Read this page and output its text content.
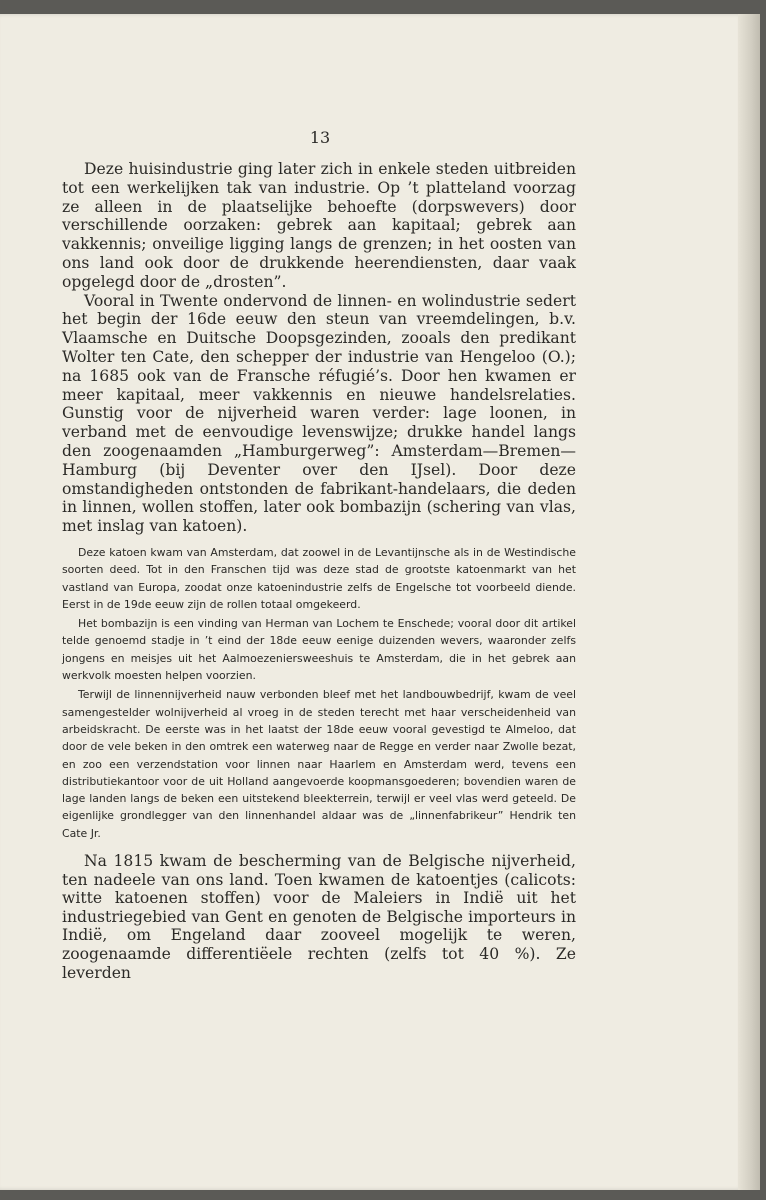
13

Deze huisindustrie ging later zich in enkele steden uitbreiden tot een werkelijken tak van industrie. Op ’t platteland voorzag ze alleen in de plaatselijke behoefte (dorpswevers) door verschillende oorzaken: gebrek aan kapitaal; gebrek aan vakkennis; onveilige ligging langs de grenzen; in het oosten van ons land ook door de drukkende heerendiensten, daar vaak opgelegd door de „drosten”.

Vooral in Twente ondervond de linnen- en wolindustrie sedert het begin der 16de eeuw den steun van vreemdelingen, b.v. Vlaamsche en Duitsche Doopsgezinden, zooals den predikant Wolter ten Cate, den schepper der industrie van Hengeloo (O.); na 1685 ook van de Fransche réfugié’s. Door hen kwamen er meer kapitaal, meer vakkennis en nieuwe handelsrelaties. Gunstig voor de nijverheid waren verder: lage loonen, in verband met de eenvoudige levenswijze; drukke handel langs den zoogenaamden „Hamburgerweg”: Amsterdam—Bremen—Hamburg (bij Deventer over den IJsel). Door deze omstandigheden ontstonden de fabrikant-handelaars, die deden in linnen, wollen stoffen, later ook bombazijn (schering van vlas, met inslag van katoen).

Deze katoen kwam van Amsterdam, dat zoowel in de Levantijnsche als in de Westindische soorten deed. Tot in den Franschen tijd was deze stad de grootste katoenmarkt van het vastland van Europa, zoodat onze katoenindustrie zelfs de Engelsche tot voorbeeld diende. Eerst in de 19de eeuw zijn de rollen totaal omgekeerd.

Het bombazijn is een vinding van Herman van Lochem te Enschede; vooral door dit artikel telde genoemd stadje in ’t eind der 18de eeuw eenige duizenden wevers, waaronder zelfs jongens en meisjes uit het Aalmoezeniersweeshuis te Amsterdam, die in het gebrek aan werkvolk moesten helpen voorzien.

Terwijl de linnennijverheid nauw verbonden bleef met het landbouwbedrijf, kwam de veel samengestelder wolnijverheid al vroeg in de steden terecht met haar verscheidenheid van arbeidskracht. De eerste was in het laatst der 18de eeuw vooral gevestigd te Almeloo, dat door de vele beken in den omtrek een waterweg naar de Regge en verder naar Zwolle bezat, en zoo een verzendstation voor linnen naar Haarlem en Amsterdam werd, tevens een distributiekantoor voor de uit Holland aangevoerde koopmansgoederen; bovendien waren de lage landen langs de beken een uitstekend bleekterrein, terwijl er veel vlas werd geteeld. De eigenlijke grondlegger van den linnenhandel aldaar was de „linnenfabrikeur” Hendrik ten Cate Jr.

Na 1815 kwam de bescherming van de Belgische nijverheid, ten nadeele van ons land. Toen kwamen de katoentjes (calicots: witte katoenen stoffen) voor de Maleiers in Indië uit het industriegebied van Gent en genoten de Belgische importeurs in Indië, om Engeland daar zooveel mogelijk te weren, zoogenaamde differentiëele rechten (zelfs tot 40 %). Ze leverden
